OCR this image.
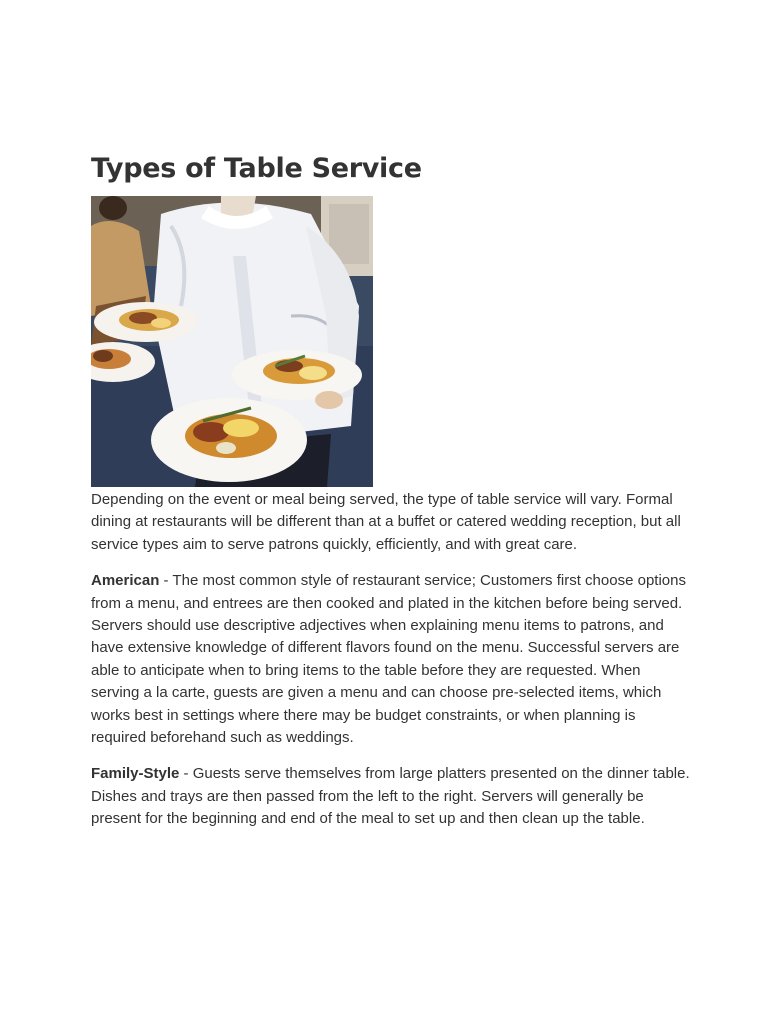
Types of Table Service

Depending on the event or meal being served, the type of table service will vary. Formal dining at restaurants will be different than at a buffet or catered wedding reception, but all service types aim to serve patrons quickly, efficiently, and with great care.

American - The most common style of restaurant service; Customers first choose options from a menu, and entrees are then cooked and plated in the kitchen before being served. Servers should use descriptive adjectives when explaining menu items to patrons, and have extensive knowledge of different flavors found on the menu. Successful servers are able to anticipate when to bring items to the table before they are requested. When serving a la carte, guests are given a menu and can choose pre-selected items, which works best in settings where there may be budget constraints, or when planning is required beforehand such as weddings.

Family-Style - Guests serve themselves from large platters presented on the dinner table. Dishes and trays are then passed from the left to the right. Servers will generally be present for the beginning and end of the meal to set up and then clean up the table.
